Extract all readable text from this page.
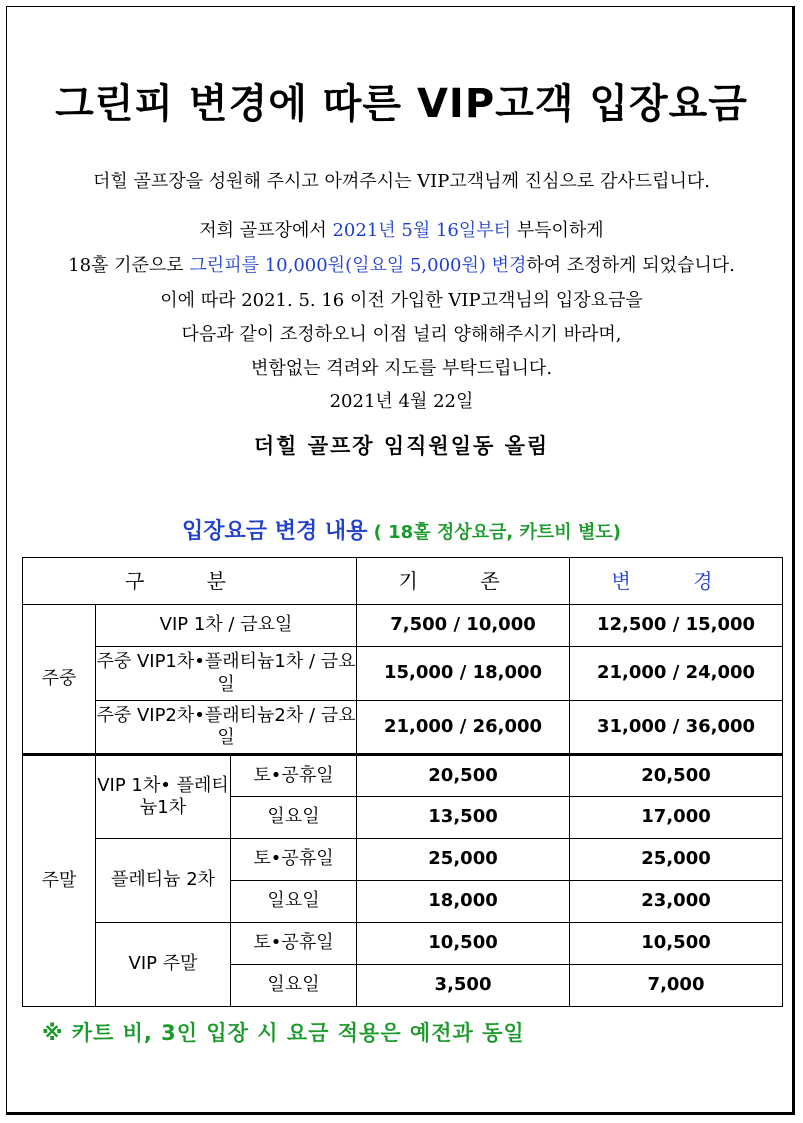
그린피 변경에 따른 VIP고객 입장요금
더힐 골프장을 성원해 주시고 아껴주시는 VIP고객님께 진심으로 감사드립니다.
저희 골프장에서 2021년 5월 16일부터 부득이하게
18홀 기준으로 그린피를 10,000원(일요일 5,000원) 변경하여 조정하게 되었습니다.
이에 따라 2021. 5. 16 이전 가입한 VIP고객님의 입장요금을
다음과 같이 조정하오니 이점 널리 양해해주시기 바라며,
변함없는 격려와 지도를 부탁드립니다.
2021년 4월 22일
더힐 골프장 임직원일동 올림
입장요금 변경 내용 ( 18홀 정상요금, 카트비 별도)
구 분			기 존	변 경
주중	VIP 1차 / 금요일		7,500 / 10,000	12,500 / 15,000
	주중 VIP1차•플래티늄1차 / 금요일		15,000 / 18,000	21,000 / 24,000
	주중 VIP2차•플래티늄2차 / 금요일		21,000 / 26,000	31,000 / 36,000
주말	VIP 1차• 플레티늄1차	토•공휴일	20,500	20,500
		일요일	13,500	17,000
	플레티늄 2차	토•공휴일	25,000	25,000
		일요일	18,000	23,000
	VIP 주말	토•공휴일	10,500	10,500
		일요일	3,500	7,000
※ 카트 비, 3인 입장 시 요금 적용은 예전과 동일
